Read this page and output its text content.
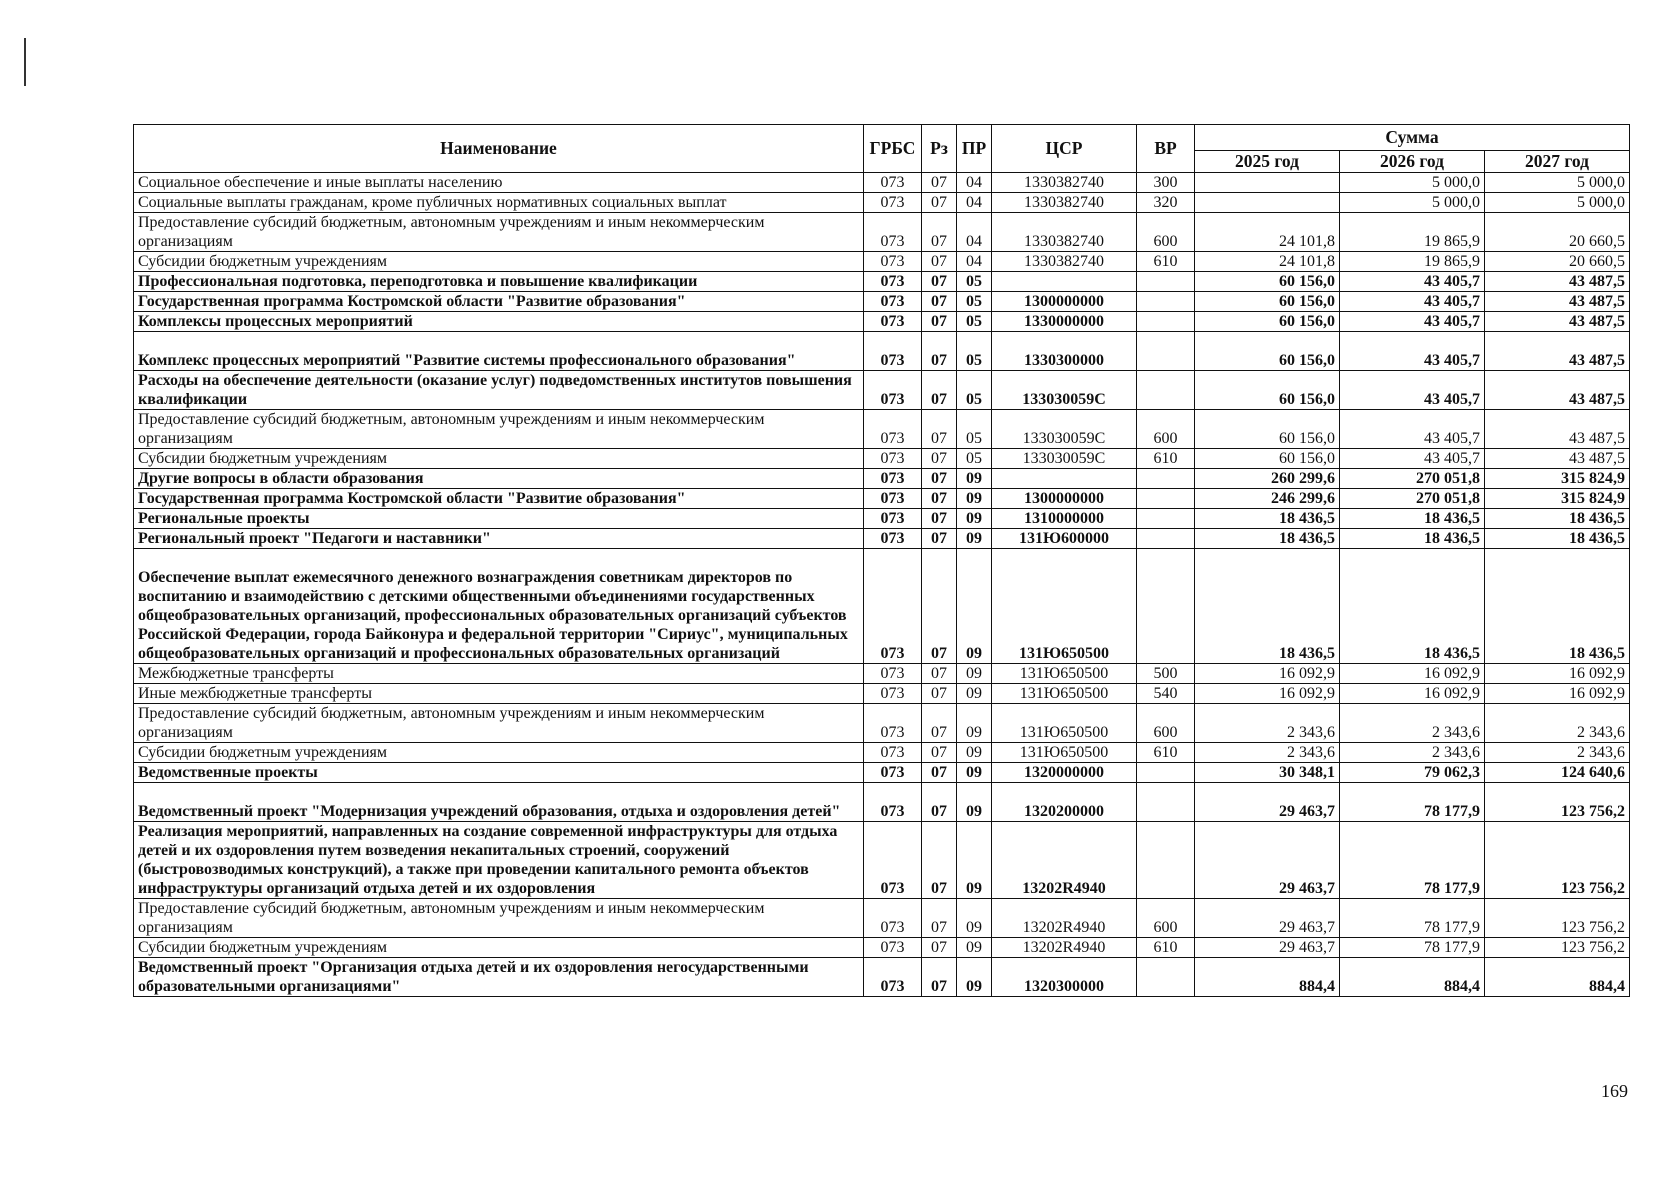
Наименование	ГРБС	Рз	ПР	ЦСР	ВР	Сумма		
						2025 год	2026 год	2027 год
Социальное обеспечение и иные выплаты населению	073	07	04	1330382740	300		5 000,0	5 000,0
Социальные выплаты гражданам, кроме публичных нормативных социальных выплат	073	07	04	1330382740	320		5 000,0	5 000,0
Предоставление субсидий бюджетным, автономным учреждениям и иным некоммерческим организациям	073	07	04	1330382740	600	24 101,8	19 865,9	20 660,5
Субсидии бюджетным учреждениям	073	07	04	1330382740	610	24 101,8	19 865,9	20 660,5
Профессиональная подготовка, переподготовка и повышение квалификации	073	07	05			60 156,0	43 405,7	43 487,5
Государственная программа Костромской области "Развитие образования"	073	07	05	1300000000		60 156,0	43 405,7	43 487,5
Комплексы процессных мероприятий	073	07	05	1330000000		60 156,0	43 405,7	43 487,5
Комплекс процессных мероприятий "Развитие системы профессионального образования"	073	07	05	1330300000		60 156,0	43 405,7	43 487,5
Расходы на обеспечение деятельности (оказание услуг) подведомственных институтов повышения квалификации	073	07	05	133030059С		60 156,0	43 405,7	43 487,5
Предоставление субсидий бюджетным, автономным учреждениям и иным некоммерческим организациям	073	07	05	133030059С	600	60 156,0	43 405,7	43 487,5
Субсидии бюджетным учреждениям	073	07	05	133030059С	610	60 156,0	43 405,7	43 487,5
Другие вопросы в области образования	073	07	09			260 299,6	270 051,8	315 824,9
Государственная программа Костромской области "Развитие образования"	073	07	09	1300000000		246 299,6	270 051,8	315 824,9
Региональные проекты	073	07	09	1310000000		18 436,5	18 436,5	18 436,5
Региональный проект "Педагоги и наставники"	073	07	09	131Ю600000		18 436,5	18 436,5	18 436,5
Обеспечение выплат ежемесячного денежного вознаграждения советникам директоров по воспитанию и взаимодействию с детскими общественными объединениями государственных общеобразовательных организаций, профессиональных образовательных организаций субъектов Российской Федерации, города Байконура и федеральной территории "Сириус", муниципальных общеобразовательных организаций и профессиональных образовательных организаций	073	07	09	131Ю650500		18 436,5	18 436,5	18 436,5
Межбюджетные трансферты	073	07	09	131Ю650500	500	16 092,9	16 092,9	16 092,9
Иные межбюджетные трансферты	073	07	09	131Ю650500	540	16 092,9	16 092,9	16 092,9
Предоставление субсидий бюджетным, автономным учреждениям и иным некоммерческим организациям	073	07	09	131Ю650500	600	2 343,6	2 343,6	2 343,6
Субсидии бюджетным учреждениям	073	07	09	131Ю650500	610	2 343,6	2 343,6	2 343,6
Ведомственные проекты	073	07	09	1320000000		30 348,1	79 062,3	124 640,6
Ведомственный проект "Модернизация учреждений образования, отдыха и оздоровления детей"	073	07	09	1320200000		29 463,7	78 177,9	123 756,2
Реализация мероприятий, направленных на создание современной инфраструктуры для отдыха детей и их оздоровления путем возведения некапитальных строений, сооружений (быстровозводимых конструкций), а также при проведении капитального ремонта объектов инфраструктуры организаций отдыха детей и их оздоровления	073	07	09	13202R4940		29 463,7	78 177,9	123 756,2
Предоставление субсидий бюджетным, автономным учреждениям и иным некоммерческим организациям	073	07	09	13202R4940	600	29 463,7	78 177,9	123 756,2
Субсидии бюджетным учреждениям	073	07	09	13202R4940	610	29 463,7	78 177,9	123 756,2
Ведомственный проект "Организация отдыха детей и их оздоровления негосударственными образовательными организациями"	073	07	09	1320300000		884,4	884,4	884,4
169
